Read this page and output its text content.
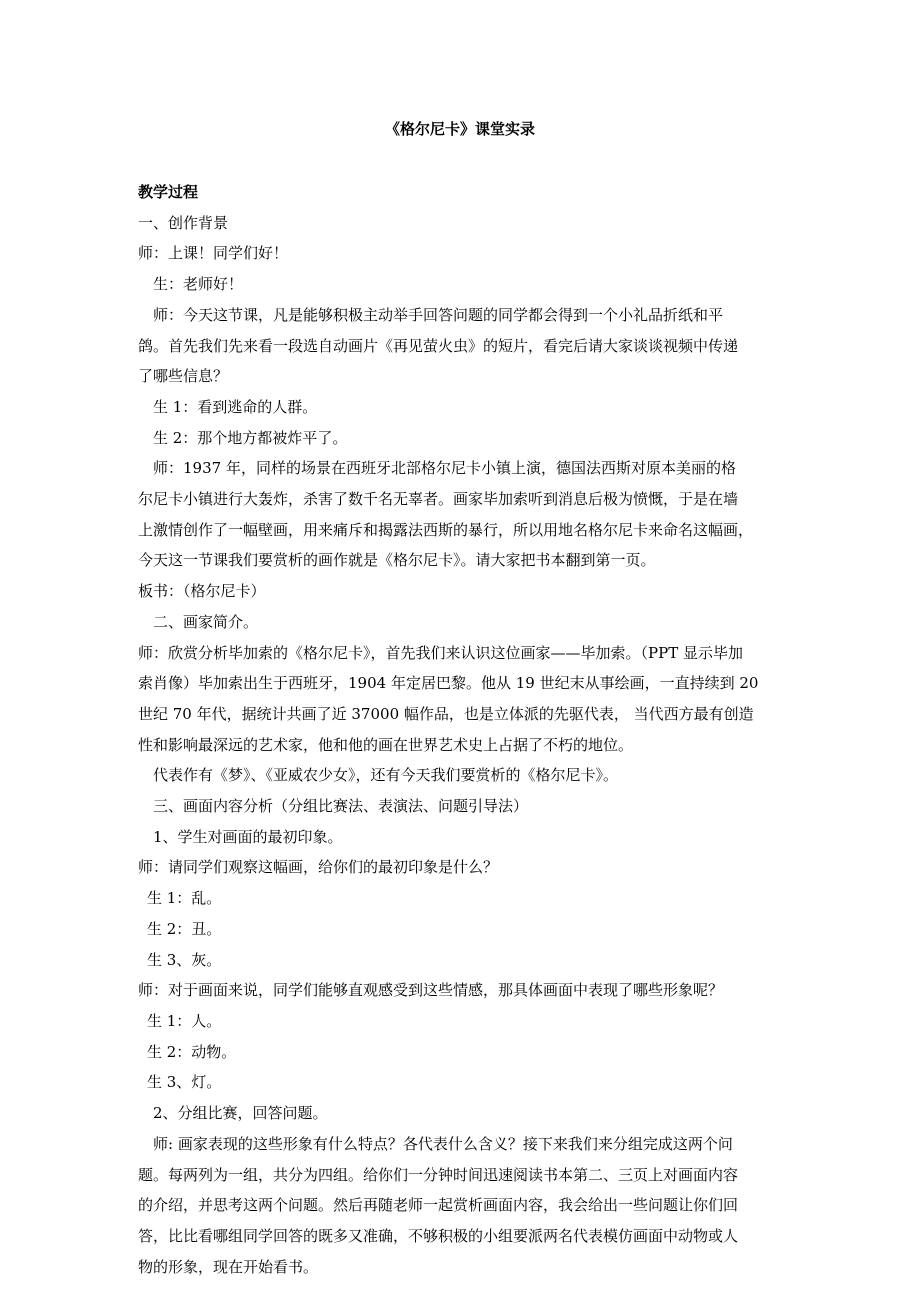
《格尔尼卡》课堂实录
教学过程
一、创作背景
师：上课！同学们好！
生：老师好！
师：今天这节课，凡是能够积极主动举手回答问题的同学都会得到一个小礼品折纸和平
鸽。首先我们先来看一段选自动画片《再见萤火虫》的短片，看完后请大家谈谈视频中传递
了哪些信息？
生 1：看到逃命的人群。
生 2：那个地方都被炸平了。
师：1937 年，同样的场景在西班牙北部格尔尼卡小镇上演，德国法西斯对原本美丽的格
尔尼卡小镇进行大轰炸，杀害了数千名无辜者。画家毕加索听到消息后极为愤慨，于是在墙
上激情创作了一幅壁画，用来痛斥和揭露法西斯的暴行，所以用地名格尔尼卡来命名这幅画，
今天这一节课我们要赏析的画作就是《格尔尼卡》。请大家把书本翻到第一页。
板书：（格尔尼卡）
二、画家简介。
师：欣赏分析毕加索的《格尔尼卡》，首先我们来认识这位画家——毕加索。（PPT 显示毕加
索肖像）毕加索出生于西班牙，1904 年定居巴黎。他从 19 世纪末从事绘画，一直持续到 20
世纪 70 年代，据统计共画了近 37000 幅作品，也是立体派的先驱代表， 当代西方最有创造
性和影响最深远的艺术家，他和他的画在世界艺术史上占据了不朽的地位。
代表作有《梦》、《亚威农少女》，还有今天我们要赏析的《格尔尼卡》。
三、画面内容分析（分组比赛法、表演法、问题引导法）
1、学生对画面的最初印象。
师：请同学们观察这幅画，给你们的最初印象是什么？
生 1：乱。
生 2：丑。
生 3、灰。
师：对于画面来说，同学们能够直观感受到这些情感，那具体画面中表现了哪些形象呢？
生 1：人。
生 2：动物。
生 3、灯。
2、分组比赛，回答问题。
师: 画家表现的这些形象有什么特点？各代表什么含义？接下来我们来分组完成这两个问
题。每两列为一组，共分为四组。给你们一分钟时间迅速阅读书本第二、三页上对画面内容
的介绍，并思考这两个问题。然后再随老师一起赏析画面内容，我会给出一些问题让你们回
答，比比看哪组同学回答的既多又准确，不够积极的小组要派两名代表模仿画面中动物或人
物的形象，现在开始看书。
